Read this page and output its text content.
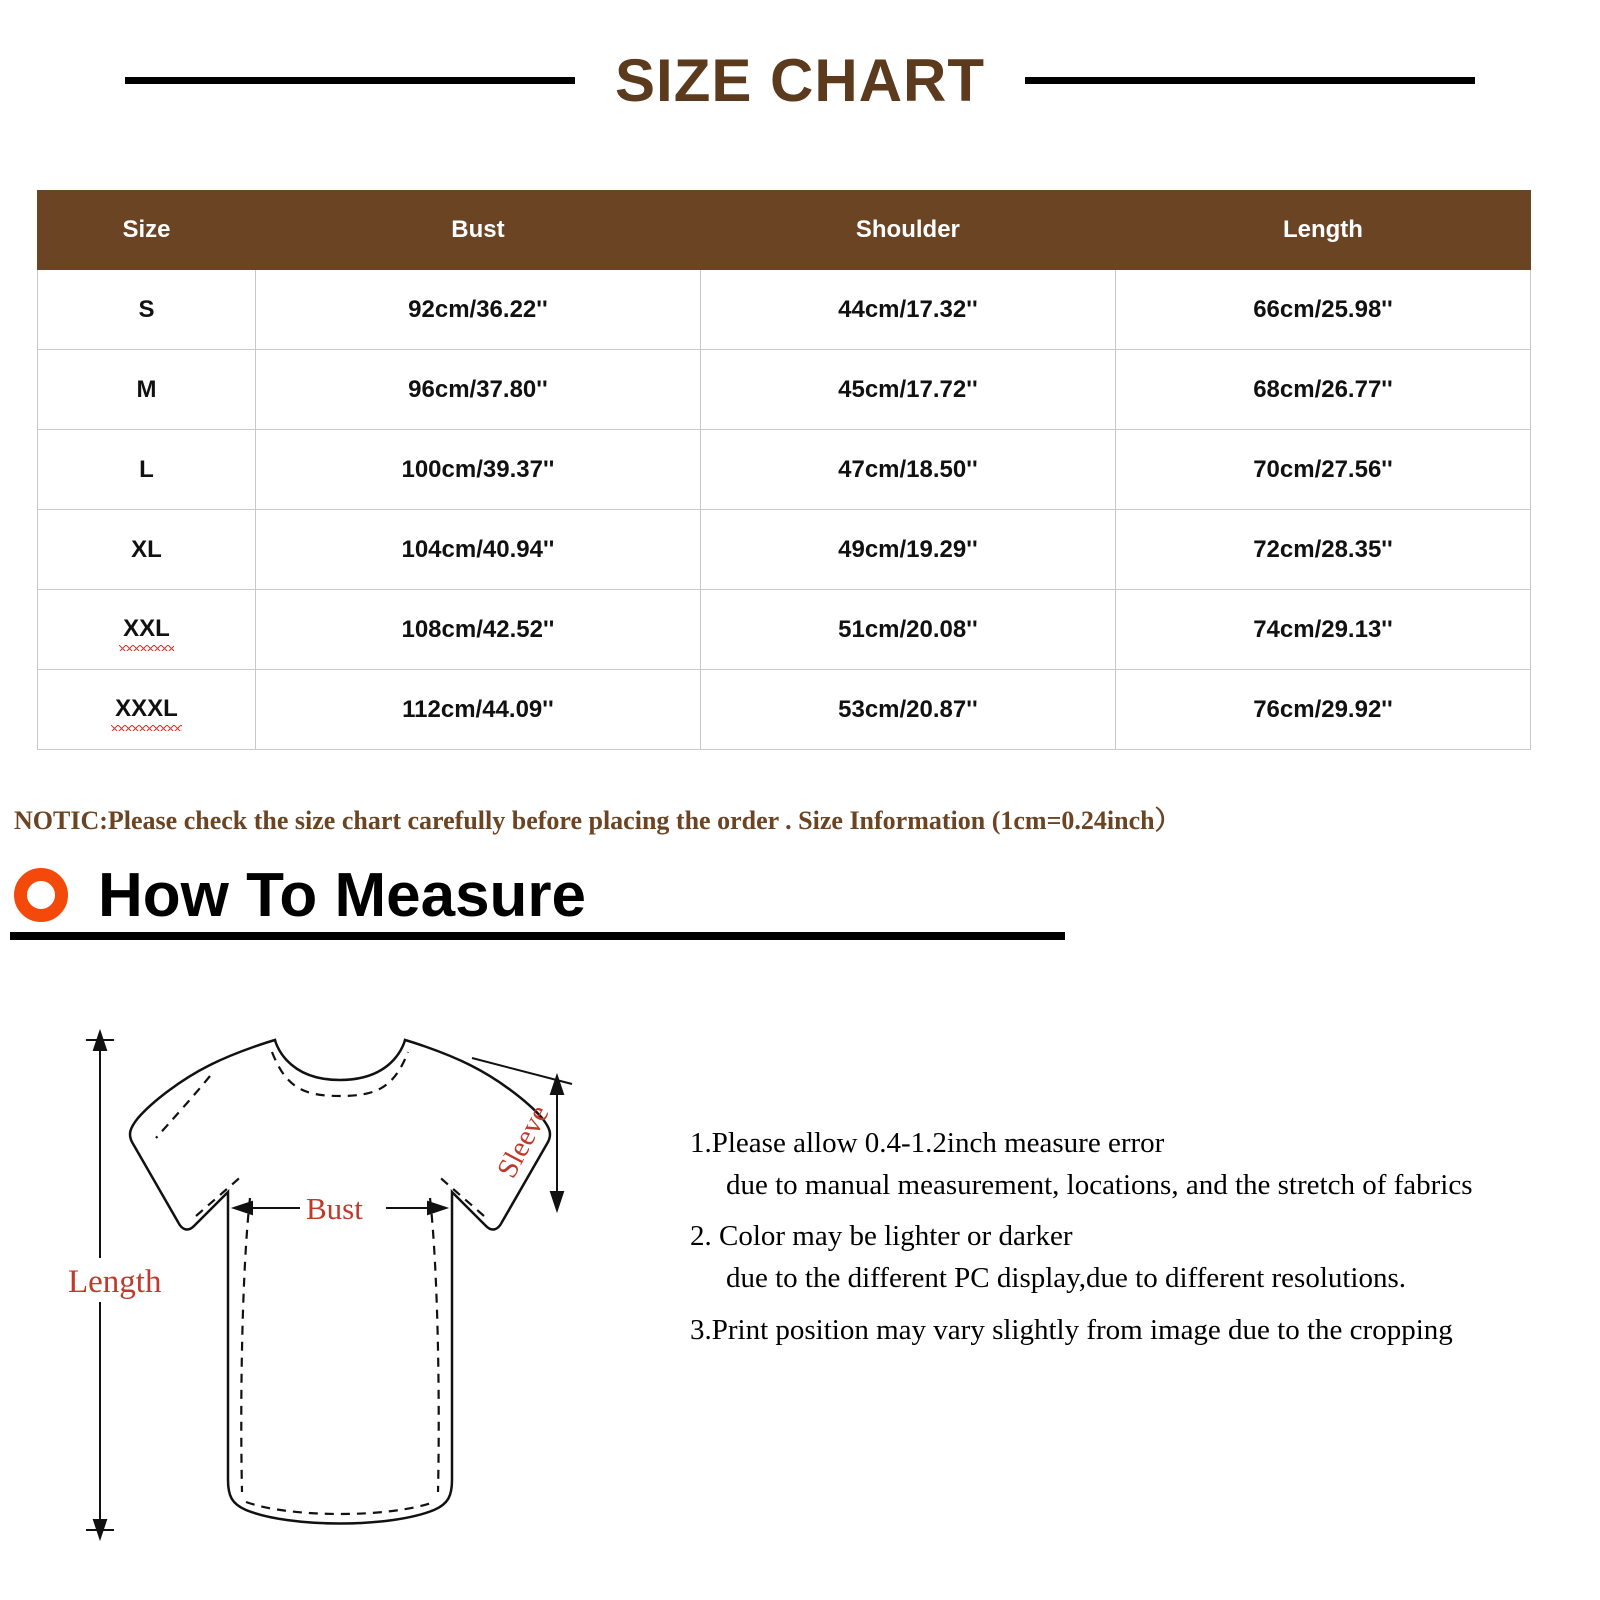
SIZE CHART
Size	Bust	Shoulder	Length
S	92cm/36.22''	44cm/17.32''	66cm/25.98''
M	96cm/37.80''	45cm/17.72''	68cm/26.77''
L	100cm/39.37''	47cm/18.50''	70cm/27.56''
XL	104cm/40.94''	49cm/19.29''	72cm/28.35''
XXL	108cm/42.52''	51cm/20.08''	74cm/29.13''
XXXL	112cm/44.09''	53cm/20.87''	76cm/29.92''
NOTIC:Please check the size chart carefully before placing the order . Size Information (1cm=0.24inch）
How To Measure
Length
Bust
Sleeve	1.Please allow 0.4-1.2inch measure error
due to manual measurement, locations, and the stretch of fabrics
2. Color may be lighter or darker
due to the different PC display,due to different resolutions.
3.Print position may vary slightly from image due to the cropping
